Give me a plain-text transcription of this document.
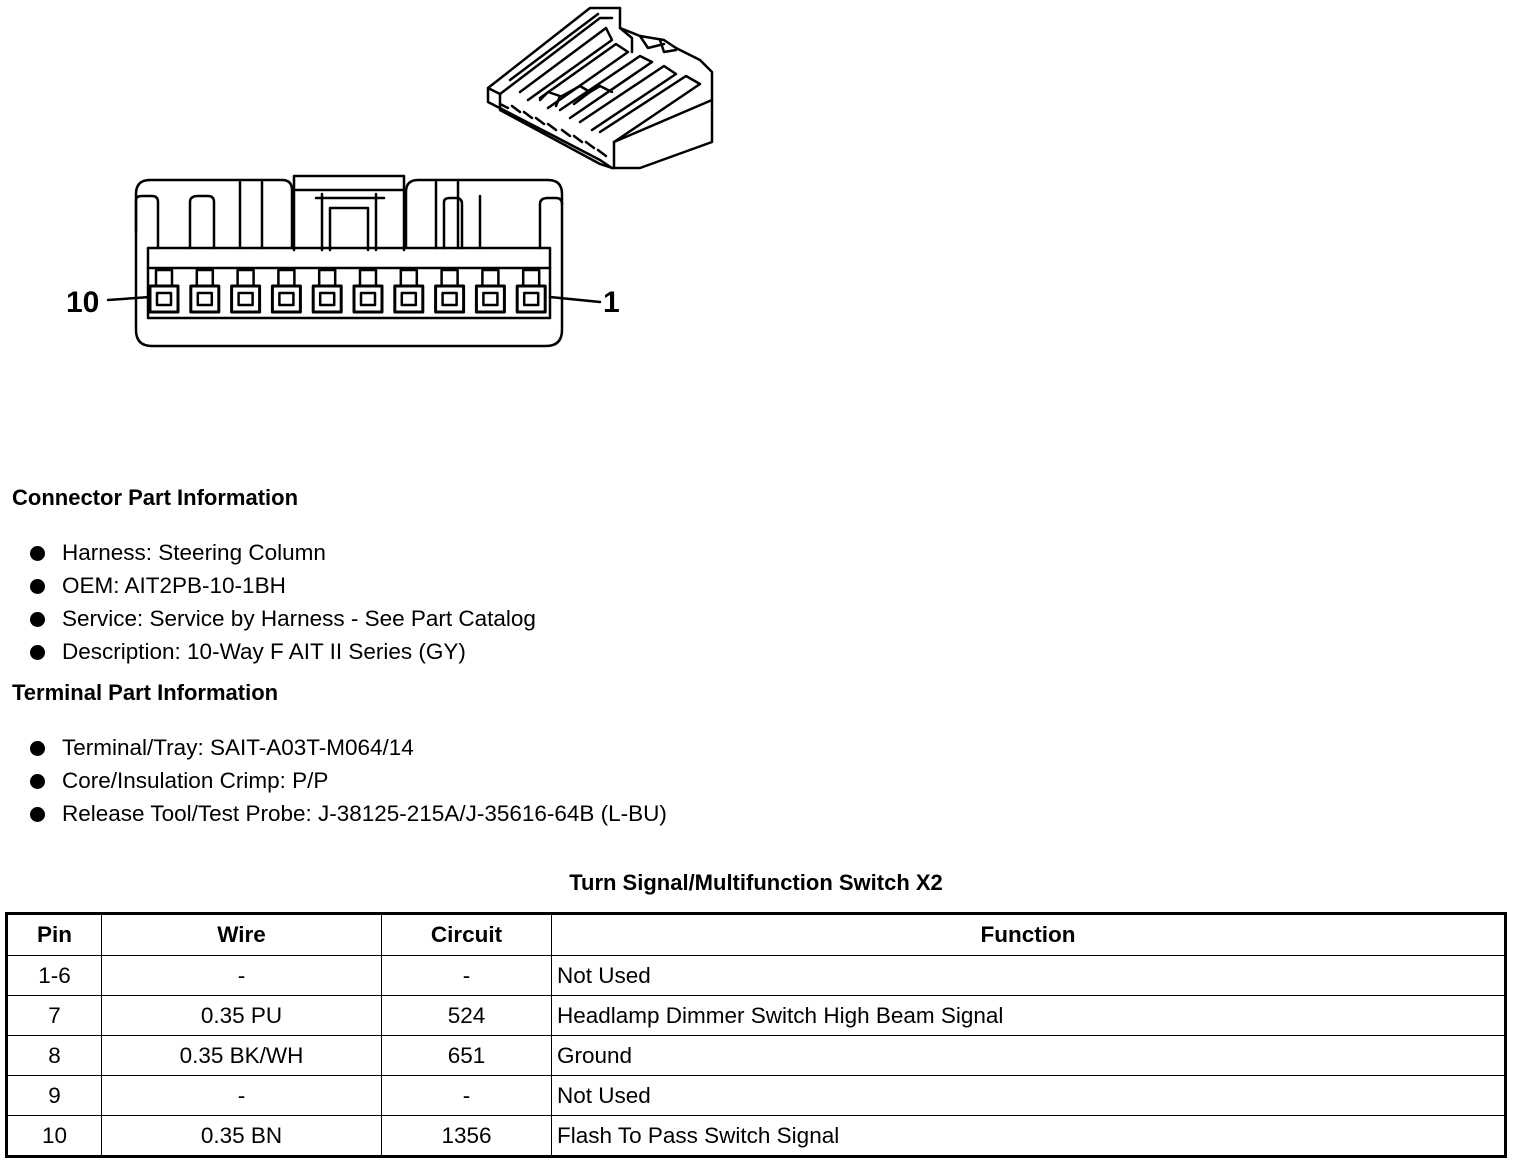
10	1
Connector Part Information
Harness: Steering Column
OEM: AIT2PB-10-1BH
Service: Service by Harness - See Part Catalog
Description: 10-Way F AIT II Series (GY)
Terminal Part Information
Terminal/Tray: SAIT-A03T-M064/14
Core/Insulation Crimp: P/P
Release Tool/Test Probe: J-38125-215A/J-35616-64B (L-BU)
Turn Signal/Multifunction Switch X2
Pin	Wire	Circuit	Function
1-6	-	-	Not Used
7	0.35 PU	524	Headlamp Dimmer Switch High Beam Signal
8	0.35 BK/WH	651	Ground
9	-	-	Not Used
10	0.35 BN	1356	Flash To Pass Switch Signal
